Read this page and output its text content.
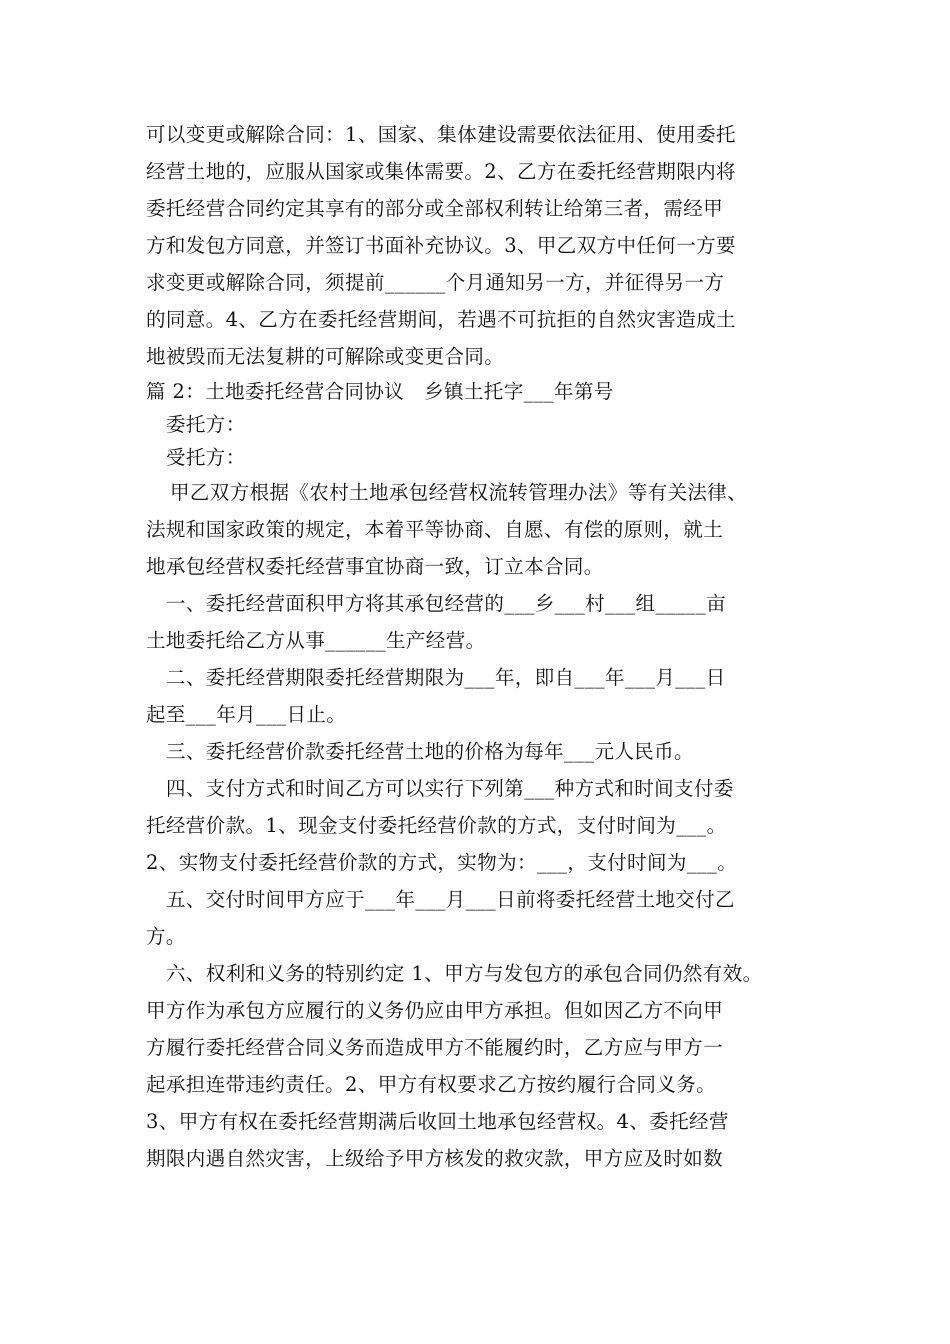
可以变更或解除合同：1、国家、集体建设需要依法征用、使用委托
经营土地的，应服从国家或集体需要。2、乙方在委托经营期限内将
委托经营合同约定其享有的部分或全部权利转让给第三者，需经甲
方和发包方同意，并签订书面补充协议。3、甲乙双方中任何一方要
求变更或解除合同，须提前______个月通知另一方，并征得另一方
的同意。4、乙方在委托经营期间，若遇不可抗拒的自然灾害造成土
地被毁而无法复耕的可解除或变更合同。
篇 2：土地委托经营合同协议　乡镇土托字___年第号
委托方：
受托方：
甲乙双方根据《农村土地承包经营权流转管理办法》等有关法律、
法规和国家政策的规定，本着平等协商、自愿、有偿的原则，就土
地承包经营权委托经营事宜协商一致，订立本合同。
一、委托经营面积甲方将其承包经营的___乡___村___组_____亩
土地委托给乙方从事______生产经营。
二、委托经营期限委托经营期限为___年，即自___年___月___日
起至___年月___日止。
三、委托经营价款委托经营土地的价格为每年___元人民币。
四、支付方式和时间乙方可以实行下列第___种方式和时间支付委
托经营价款。1、现金支付委托经营价款的方式，支付时间为___。
2、实物支付委托经营价款的方式，实物为：___，支付时间为___。
五、交付时间甲方应于___年___月___日前将委托经营土地交付乙
方。
六、权利和义务的特别约定 1、甲方与发包方的承包合同仍然有效。
甲方作为承包方应履行的义务仍应由甲方承担。但如因乙方不向甲
方履行委托经营合同义务而造成甲方不能履约时，乙方应与甲方一
起承担连带违约责任。2、甲方有权要求乙方按约履行合同义务。
3、甲方有权在委托经营期满后收回土地承包经营权。4、委托经营
期限内遇自然灾害，上级给予甲方核发的救灾款，甲方应及时如数
